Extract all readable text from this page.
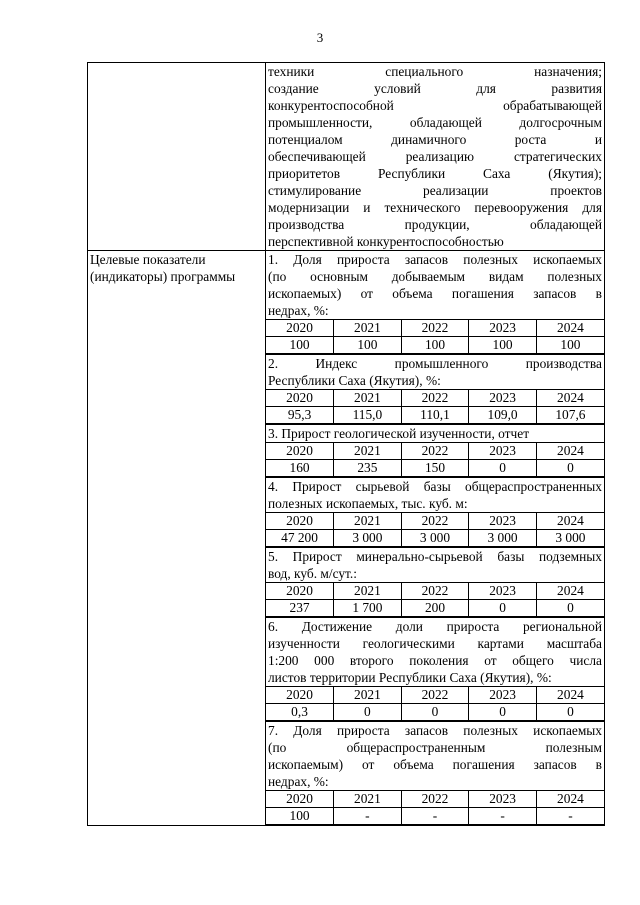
3

техники специального назначения;
создание условий для развития
конкурентоспособной обрабатывающей
промышленности, обладающей долгосрочным
потенциалом динамичного роста и
обеспечивающей реализацию стратегических
приоритетов Республики Саха (Якутия);
стимулирование реализации проектов
модернизации и технического перевооружения для
производства продукции, обладающей
перспективной конкурентоспособностью

Целевые показатели
(индикаторы) программы

1. Доля прироста запасов полезных ископаемых
(по основным добываемым видам полезных
ископаемых) от объема погашения запасов в
недрах, %:
2020	2021	2022	2023	2024
100	100	100	100	100
2. Индекс промышленного производства
Республики Саха (Якутия), %:
2020	2021	2022	2023	2024
95,3	115,0	110,1	109,0	107,6
3. Прирост геологической изученности, отчет
2020	2021	2022	2023	2024
160	235	150	0	0
4. Прирост сырьевой базы общераспространенных
полезных ископаемых, тыс. куб. м:
2020	2021	2022	2023	2024
47 200	3 000	3 000	3 000	3 000
5. Прирост минерально-сырьевой базы подземных
вод, куб. м/сут.:
2020	2021	2022	2023	2024
237	1 700	200	0	0
6. Достижение доли прироста региональной
изученности геологическими картами масштаба
1:200 000 второго поколения от общего числа
листов территории Республики Саха (Якутия), %:
2020	2021	2022	2023	2024
0,3	0	0	0	0
7. Доля прироста запасов полезных ископаемых
(по общераспространенным полезным
ископаемым) от объема погашения запасов в
недрах, %:
2020	2021	2022	2023	2024
100	-	-	-	-
